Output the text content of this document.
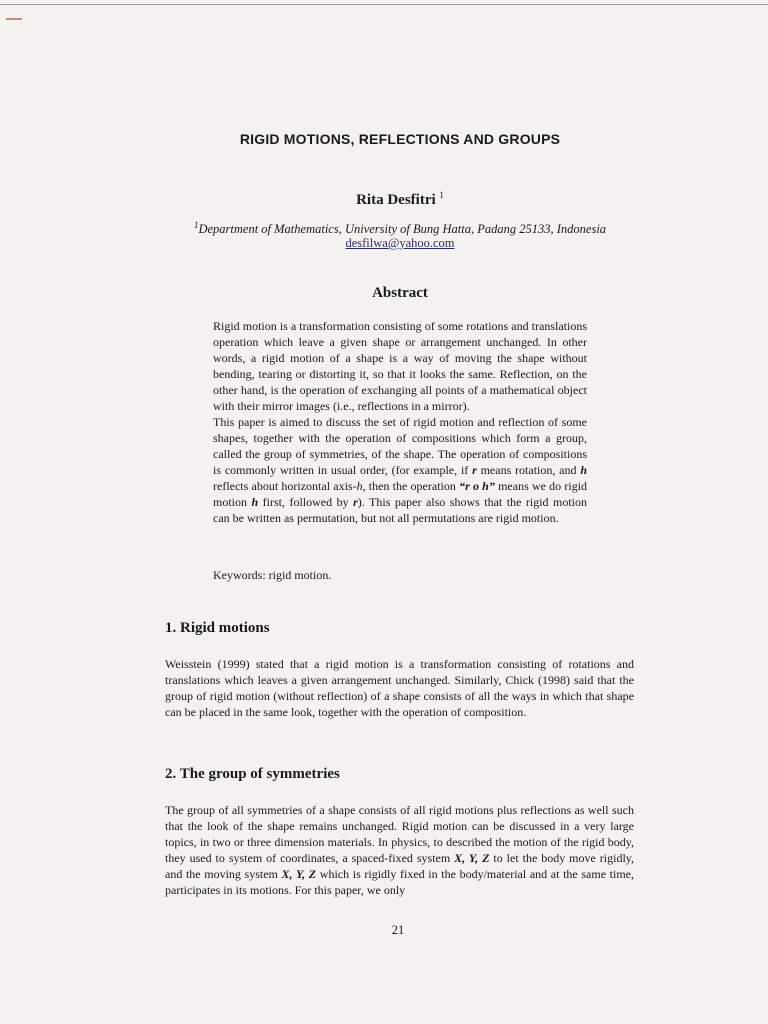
RIGID MOTIONS, REFLECTIONS AND GROUPS
Rita Desfitri $^1$
$^1$Department of Mathematics, University of Bung Hatta, Padang 25133, Indonesia
desfilwa@yahoo.com
Abstract

Rigid motion is a transformation consisting of some rotations and translations operation which leave a given shape or arrangement unchanged. In other words, a rigid motion of a shape is a way of moving the shape without bending, tearing or distorting it, so that it looks the same. Reflection, on the other hand, is the operation of exchanging all points of a mathematical object with their mirror images (i.e., reflections in a mirror).

This paper is aimed to discuss the set of rigid motion and reflection of some shapes, together with the operation of compositions which form a group, called the group of symmetries, of the shape. The operation of compositions is commonly written in usual order, (for example, if r means rotation, and h reflects about horizontal axis-h, then the operation “r o h” means we do rigid motion h first, followed by r). This paper also shows that the rigid motion can be written as permutation, but not all permutations are rigid motion.

Keywords: rigid motion.
1. Rigid motions
Weisstein (1999) stated that a rigid motion is a transformation consisting of rotations and translations which leaves a given arrangement unchanged. Similarly, Chick (1998) said that the group of rigid motion (without reflection) of a shape consists of all the ways in which that shape can be placed in the same look, together with the operation of composition.
2. The group of symmetries
The group of all symmetries of a shape consists of all rigid motions plus reflections as well such that the look of the shape remains unchanged. Rigid motion can be discussed in a very large topics, in two or three dimension materials. In physics, to described the motion of the rigid body, they used to system of coordinates, a spaced-fixed system X, Y, Z to let the body move rigidly, and the moving system X, Y, Z which is rigidly fixed in the body/material and at the same time, participates in its motions. For this paper, we only
21
